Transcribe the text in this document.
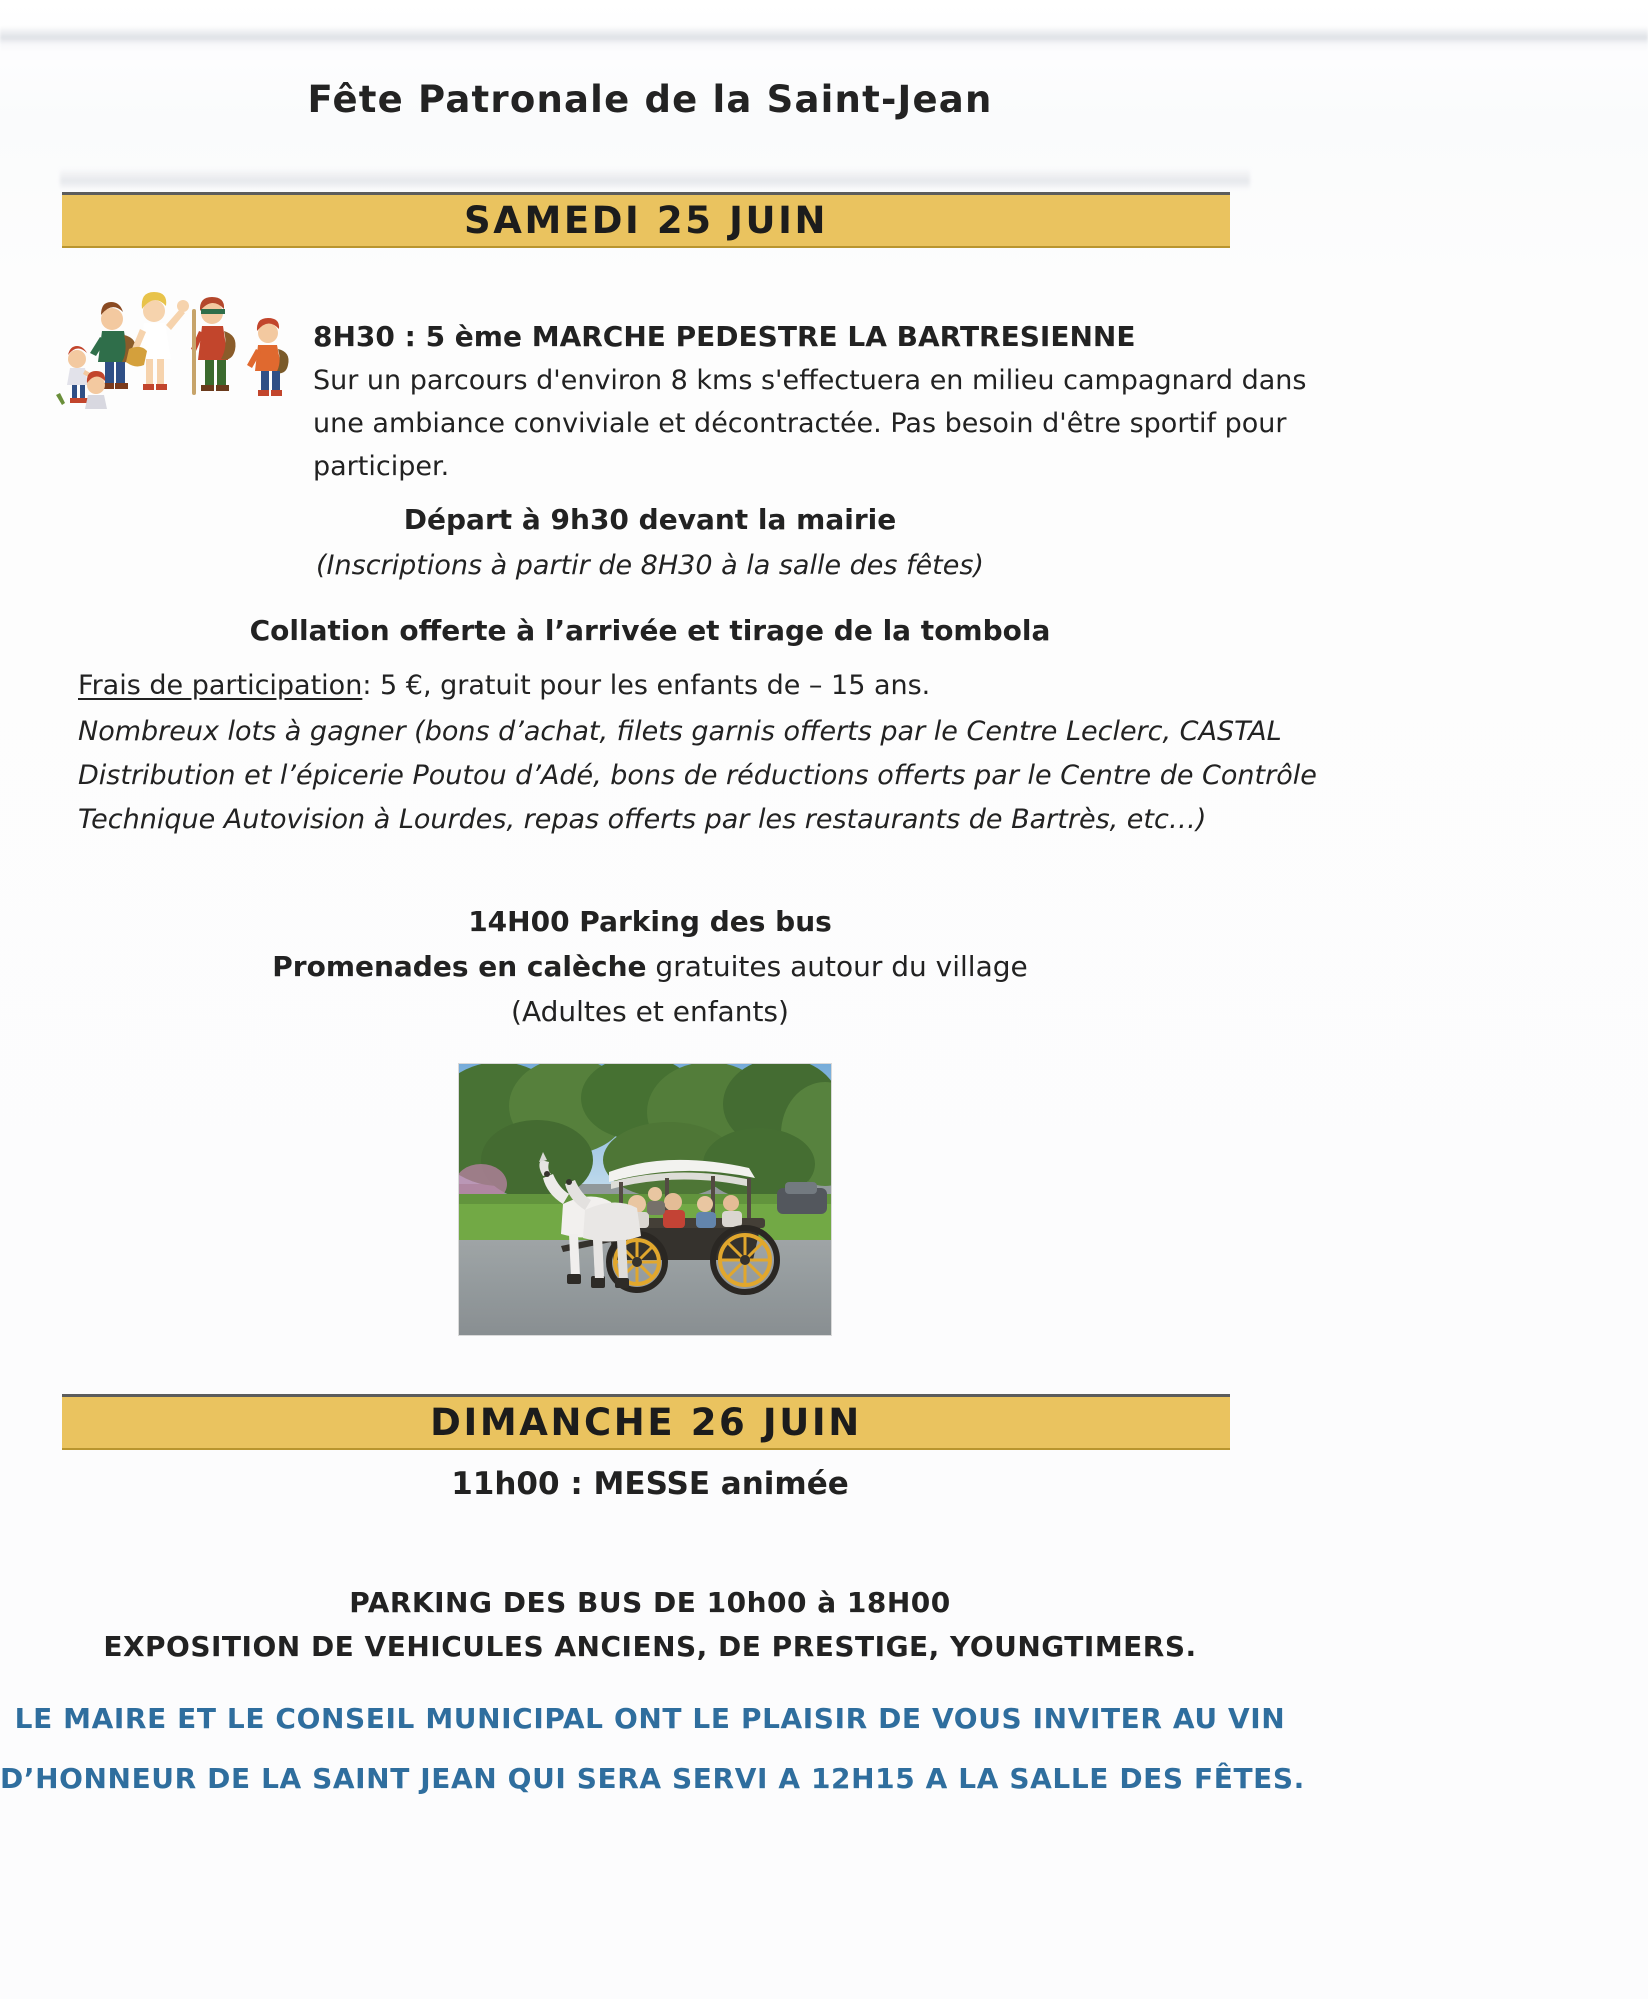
Fête Patronale de la Saint-Jean
SAMEDI 25 JUIN
8H30 : 5 ème MARCHE PEDESTRE LA BARTRESIENNE
Sur un parcours d'environ 8 kms s'effectuera en milieu campagnard dans
une ambiance conviviale et décontractée. Pas besoin d'être sportif pour
participer.
Départ à 9h30 devant la mairie
(Inscriptions à partir de 8H30 à la salle des fêtes)
Collation offerte à l’arrivée et tirage de la tombola
Frais de participation: 5 €, gratuit pour les enfants de – 15 ans.
Nombreux lots à gagner (bons d’achat, filets garnis offerts par le Centre Leclerc, CASTAL
Distribution et l’épicerie Poutou d’Adé, bons de réductions offerts par le Centre de Contrôle
Technique Autovision à Lourdes, repas offerts par les restaurants de Bartrès, etc…)
14H00 Parking des bus
Promenades en calèche gratuites autour du village
(Adultes et enfants)
DIMANCHE 26 JUIN
11h00 : MESSE animée
PARKING DES BUS DE 10h00 à 18H00
EXPOSITION DE VEHICULES ANCIENS, DE PRESTIGE, YOUNGTIMERS.
LE MAIRE ET LE CONSEIL MUNICIPAL ONT LE PLAISIR DE VOUS INVITER AU VIN
D’HONNEUR DE LA SAINT JEAN QUI SERA SERVI A 12H15 A LA SALLE DES FÊTES.
